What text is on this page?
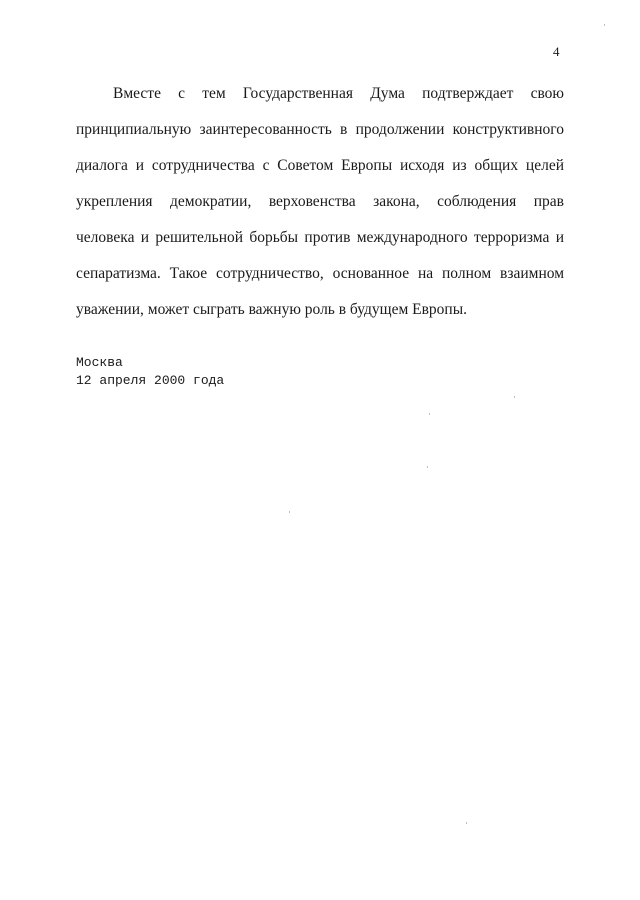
4
Вместе с тем Государственная Дума подтверждает свою
принципиальную заинтересованность в продолжении конструктивного
диалога и сотрудничества с Советом Европы исходя из общих целей
укрепления демократии, верховенства закона, соблюдения прав
человека и решительной борьбы против международного терроризма и
сепаратизма. Такое сотрудничество, основанное на полном взаимном
уважении, может сыграть важную роль в будущем Европы.
Москва
12 апреля 2000 года
